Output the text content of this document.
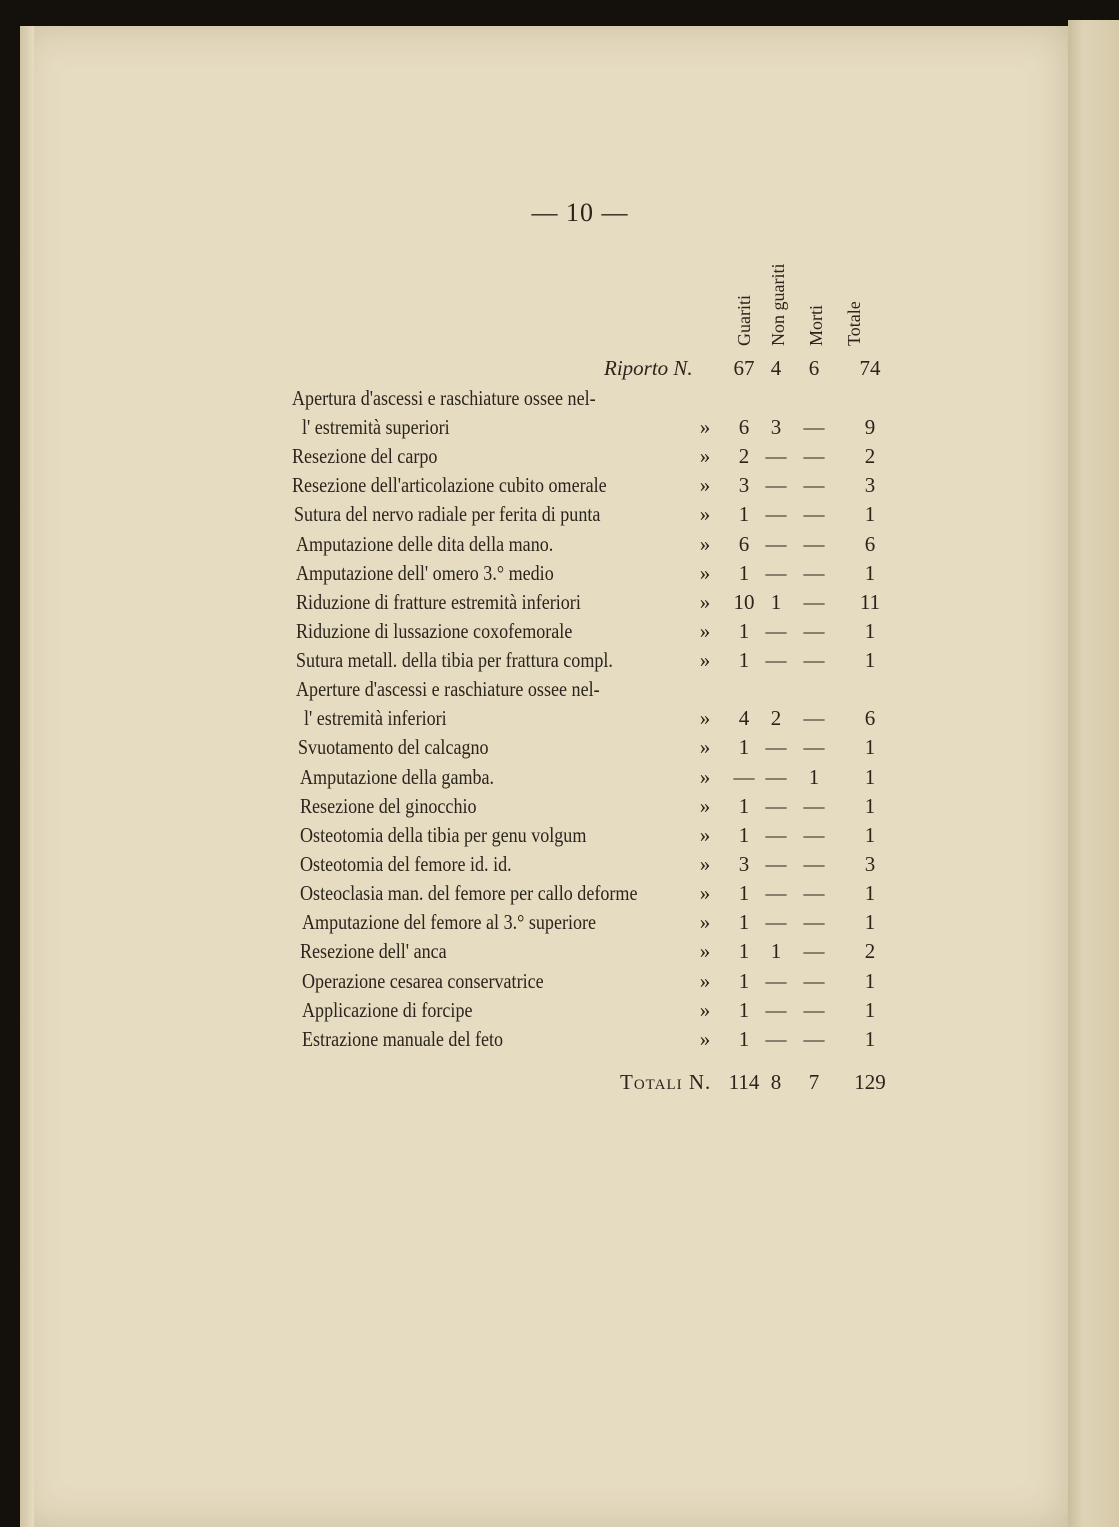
— 10 —
Guariti Non guariti Morti Totale
Riporto N. 67 4	6	74
Apertura d'ascessi e raschiature ossee nel-
l' estremità superiori	»	6	3	—	9
Resezione del carpo	»	2 — —	2
Resezione dell'articolazione cubito omerale	»	3 — —	3
Sutura del nervo radiale per ferita di punta	»	1 — —	1
Amputazione delle dita della mano.	»	6 — —	6
Amputazione dell' omero 3.° medio	»	1 — —	1
Riduzione di fratture estremità inferiori	»	10 1	—	11
Riduzione di lussazione coxofemorale	»	1 — —	1
Sutura metall. della tibia per frattura compl.	»	1 — —	1
Aperture d'ascessi e raschiature ossee nel-
l' estremità inferiori	»	4	2	—	6
Svuotamento del calcagno	»	1 — —	1
Amputazione della gamba.	»	— —	1	1
Resezione del ginocchio	»	1 — —	1
Osteotomia della tibia per genu volgum	»	1 — —	1
Osteotomia del femore id. id.	»	3 — —	3
Osteoclasia man. del femore per callo deforme	»	1 — —	1
Amputazione del femore al 3.° superiore	»	1 — —	1
Resezione dell' anca	»	1	1	—	2
Operazione cesarea conservatrice	»	1 — —	1
Applicazione di forcipe	»	1 — —	1
Estrazione manuale del feto	»	1 — —	1
Totali N. 114 8	7	129
